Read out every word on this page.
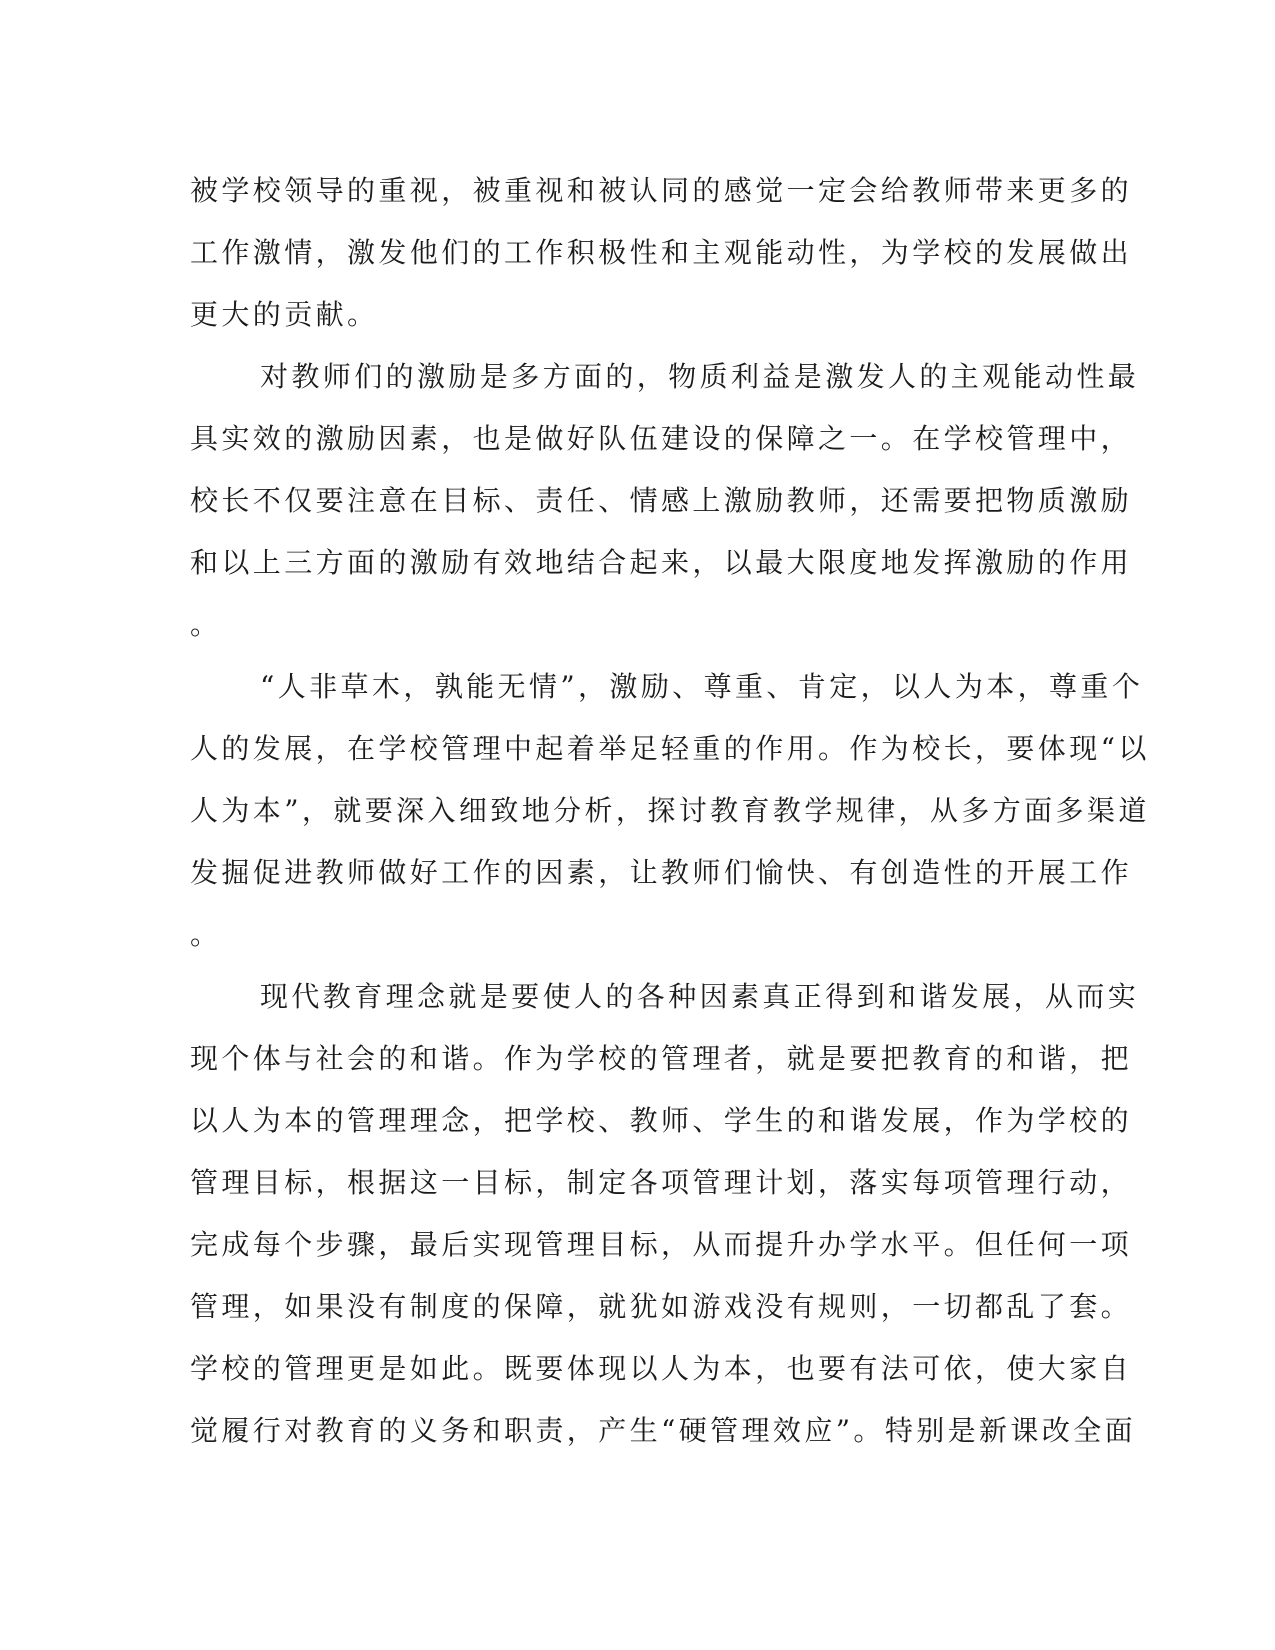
被学校领导的重视，被重视和被认同的感觉一定会给教师带来更多的
工作激情，激发他们的工作积极性和主观能动性，为学校的发展做出
更大的贡献。
对教师们的激励是多方面的，物质利益是激发人的主观能动性最
具实效的激励因素，也是做好队伍建设的保障之一。在学校管理中，
校长不仅要注意在目标、责任、情感上激励教师，还需要把物质激励
和以上三方面的激励有效地结合起来，以最大限度地发挥激励的作用
。
“人非草木，孰能无情”，激励、尊重、肯定，以人为本，尊重个
人的发展，在学校管理中起着举足轻重的作用。作为校长，要体现“以
人为本”，就要深入细致地分析，探讨教育教学规律，从多方面多渠道
发掘促进教师做好工作的因素，让教师们愉快、有创造性的开展工作
。
现代教育理念就是要使人的各种因素真正得到和谐发展，从而实
现个体与社会的和谐。作为学校的管理者，就是要把教育的和谐，把
以人为本的管理理念，把学校、教师、学生的和谐发展，作为学校的
管理目标，根据这一目标，制定各项管理计划，落实每项管理行动，
完成每个步骤，最后实现管理目标，从而提升办学水平。但任何一项
管理，如果没有制度的保障，就犹如游戏没有规则，一切都乱了套。
学校的管理更是如此。既要体现以人为本，也要有法可依，使大家自
觉履行对教育的义务和职责，产生“硬管理效应”。特别是新课改全面
